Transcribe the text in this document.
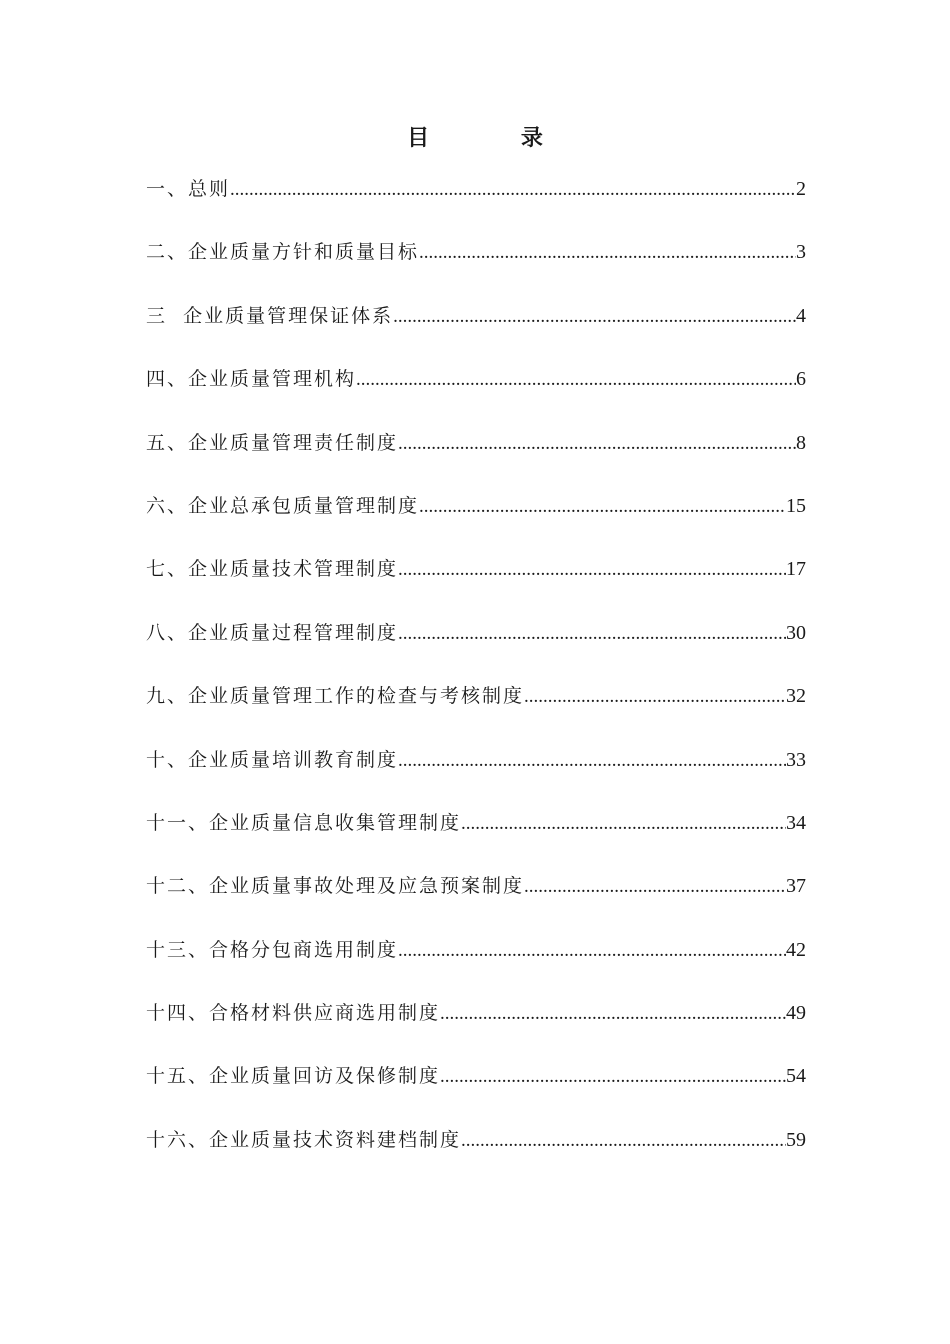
目 录
一、总则 .....	2
二、企业质量方针和质量目标 .....	3
三  企业质量管理保证体系 .....	4
四、企业质量管理机构 .....	6
五、企业质量管理责任制度 .....	8
六、企业总承包质量管理制度 .....	15
七、企业质量技术管理制度 .....	17
八、企业质量过程管理制度 .....	30
九、企业质量管理工作的检查与考核制度 .....	32
十、企业质量培训教育制度 .....	33
十一、企业质量信息收集管理制度 .....	34
十二、企业质量事故处理及应急预案制度 .....	37
十三、合格分包商选用制度 .....	42
十四、合格材料供应商选用制度 .....	49
十五、企业质量回访及保修制度 .....	54
十六、企业质量技术资料建档制度 .....	59
